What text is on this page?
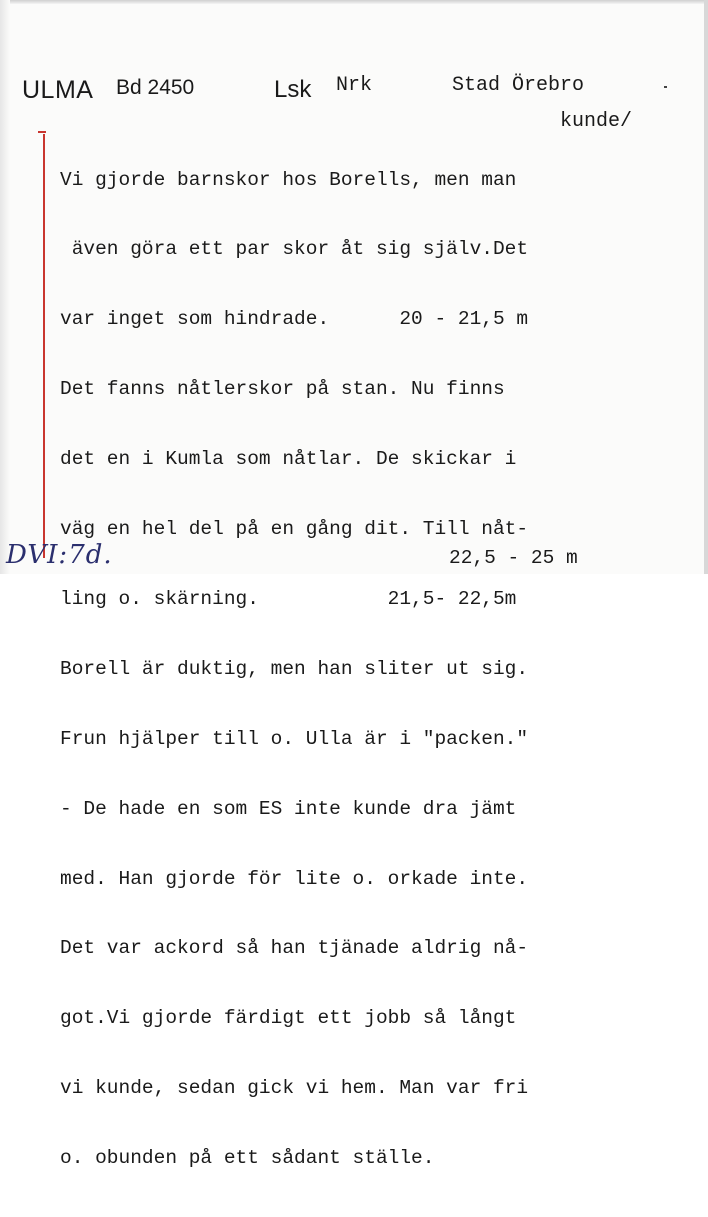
ULMA Bd 2450	Lsk Nrk	Stad Örebro
kunde/

Vi gjorde barnskor hos Borells, men man

även göra ett par skor åt sig själv.Det

var inget som hindrade.      20 - 21,5 m

Det fanns nåtlerskor på stan. Nu finns

det en i Kumla som nåtlar. De skickar i

väg en hel del på en gång dit. Till nåt-

ling o. skärning.           21,5- 22,5m

Borell är duktig, men han sliter ut sig.

Frun hjälper till o. Ulla är i "packen."

- De hade en som ES inte kunde dra jämt

med. Han gjorde för lite o. orkade inte.

Det var ackord så han tjänade aldrig nå-

got.Vi gjorde färdigt ett jobb så långt

vi kunde, sedan gick vi hem. Man var fri

o. obunden på ett sådant ställe.

22,5 - 25 m
DVI:7d.
